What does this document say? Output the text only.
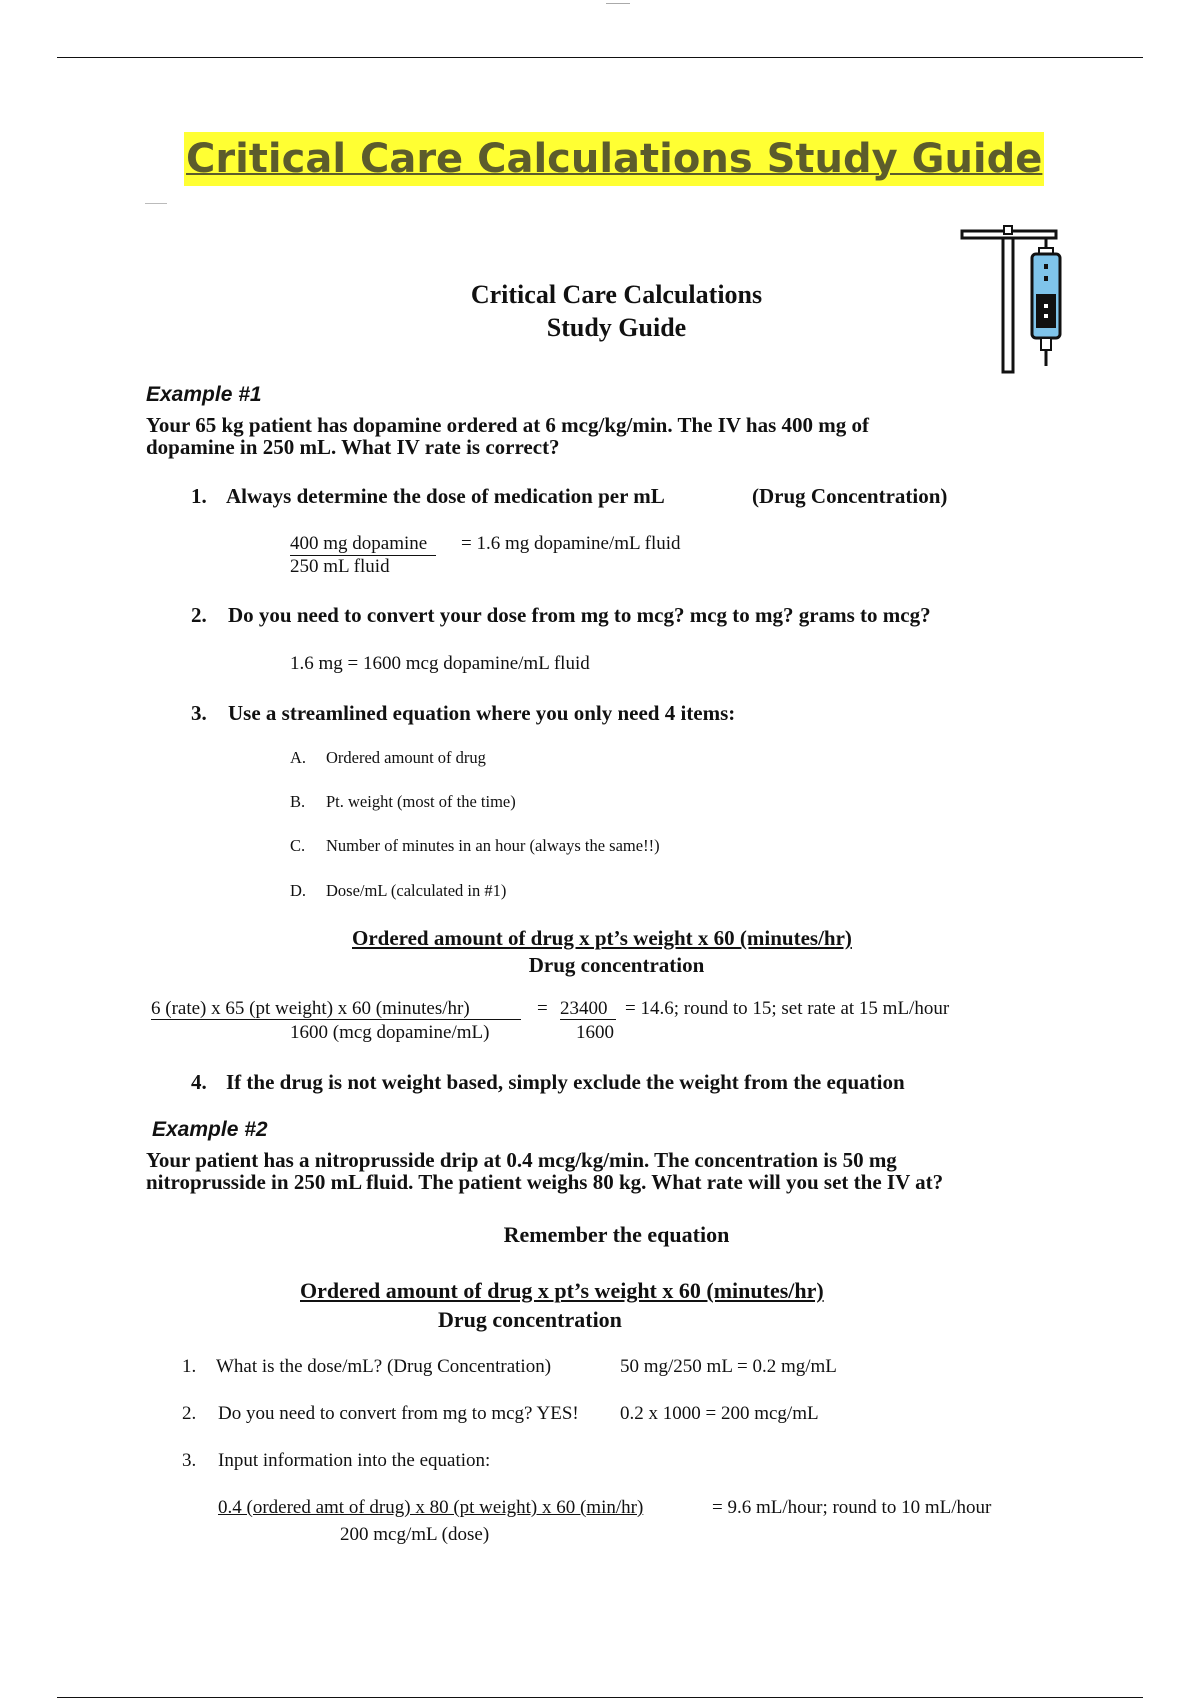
Critical Care Calculations Study Guide
Critical Care Calculations
Study Guide
Example #1
Your 65 kg patient has dopamine ordered at 6 mcg/kg/min. The IV has 400 mg of
dopamine in 250 mL. What IV rate is correct?
1. Always determine the dose of medication per mL	(Drug Concentration)
400 mg dopamine
250 mL fluid
= 1.6 mg dopamine/mL fluid
2. Do you need to convert your dose from mg to mcg? mcg to mg? grams to mcg?
1.6 mg = 1600 mcg dopamine/mL fluid
3. Use a streamlined equation where you only need 4 items:
A. Ordered amount of drug
B. Pt. weight (most of the time)
C. Number of minutes in an hour (always the same!!)
D. Dose/mL (calculated in #1)
Ordered amount of drug x pt’s weight x 60 (minutes/hr)
Drug concentration
6 (rate) x 65 (pt weight) x 60 (minutes/hr)
1600 (mcg dopamine/mL)
= 23400
1600
= 14.6; round to 15; set rate at 15 mL/hour
4. If the drug is not weight based, simply exclude the weight from the equation
Example #2
Your patient has a nitroprusside drip at 0.4 mcg/kg/min. The concentration is 50 mg
nitroprusside in 250 mL fluid. The patient weighs 80 kg. What rate will you set the IV at?
Remember the equation
Ordered amount of drug x pt’s weight x 60 (minutes/hr)
Drug concentration
1. What is the dose/mL? (Drug Concentration)	50 mg/250 mL = 0.2 mg/mL
2. Do you need to convert from mg to mcg? YES! 0.2 x 1000 = 200 mcg/mL
3. Input information into the equation:
0.4 (ordered amt of drug) x 80 (pt weight) x 60 (min/hr)
200 mcg/mL (dose)
= 9.6 mL/hour; round to 10 mL/hour
